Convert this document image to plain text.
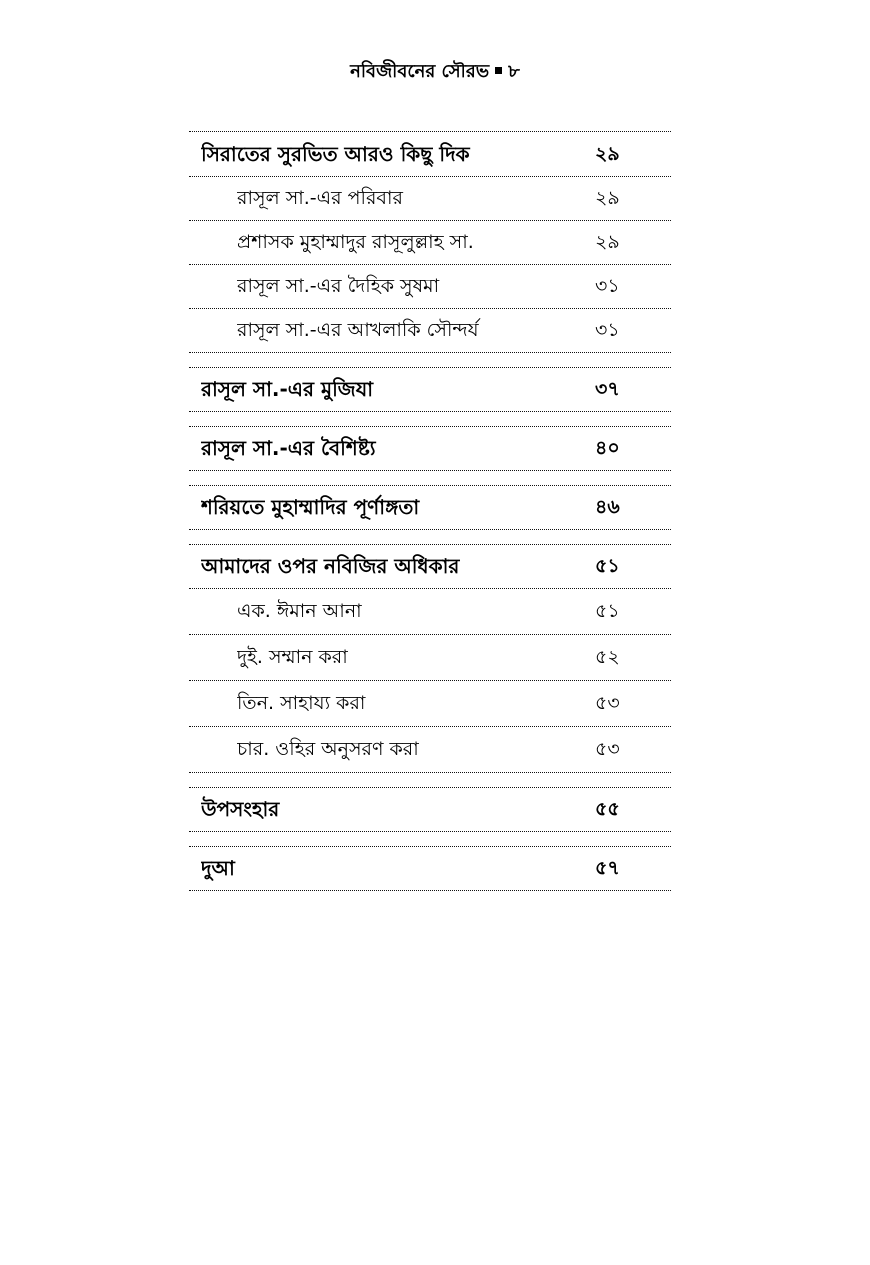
নবিজীবনের সৌরভ ৮
সিরাতের সুরভিত আরও কিছু দিক	২৯
রাসূল সা.-এর পরিবার	২৯
প্রশাসক মুহাম্মাদুর রাসূলুল্লাহ সা.	২৯
রাসূল সা.-এর দৈহিক সুষমা	৩১
রাসূল সা.-এর আখলাকি সৌন্দর্য	৩১
রাসূল সা.-এর মুজিযা	৩৭
রাসূল সা.-এর বৈশিষ্ট্য	৪০
শরিয়তে মুহাম্মাদির পূর্ণাঙ্গতা	৪৬
আমাদের ওপর নবিজির অধিকার	৫১
এক. ঈমান আনা	৫১
দুই. সম্মান করা	৫২
তিন. সাহায্য করা	৫৩
চার. ওহির অনুসরণ করা	৫৩
উপসংহার	৫৫
দুআ	৫৭
